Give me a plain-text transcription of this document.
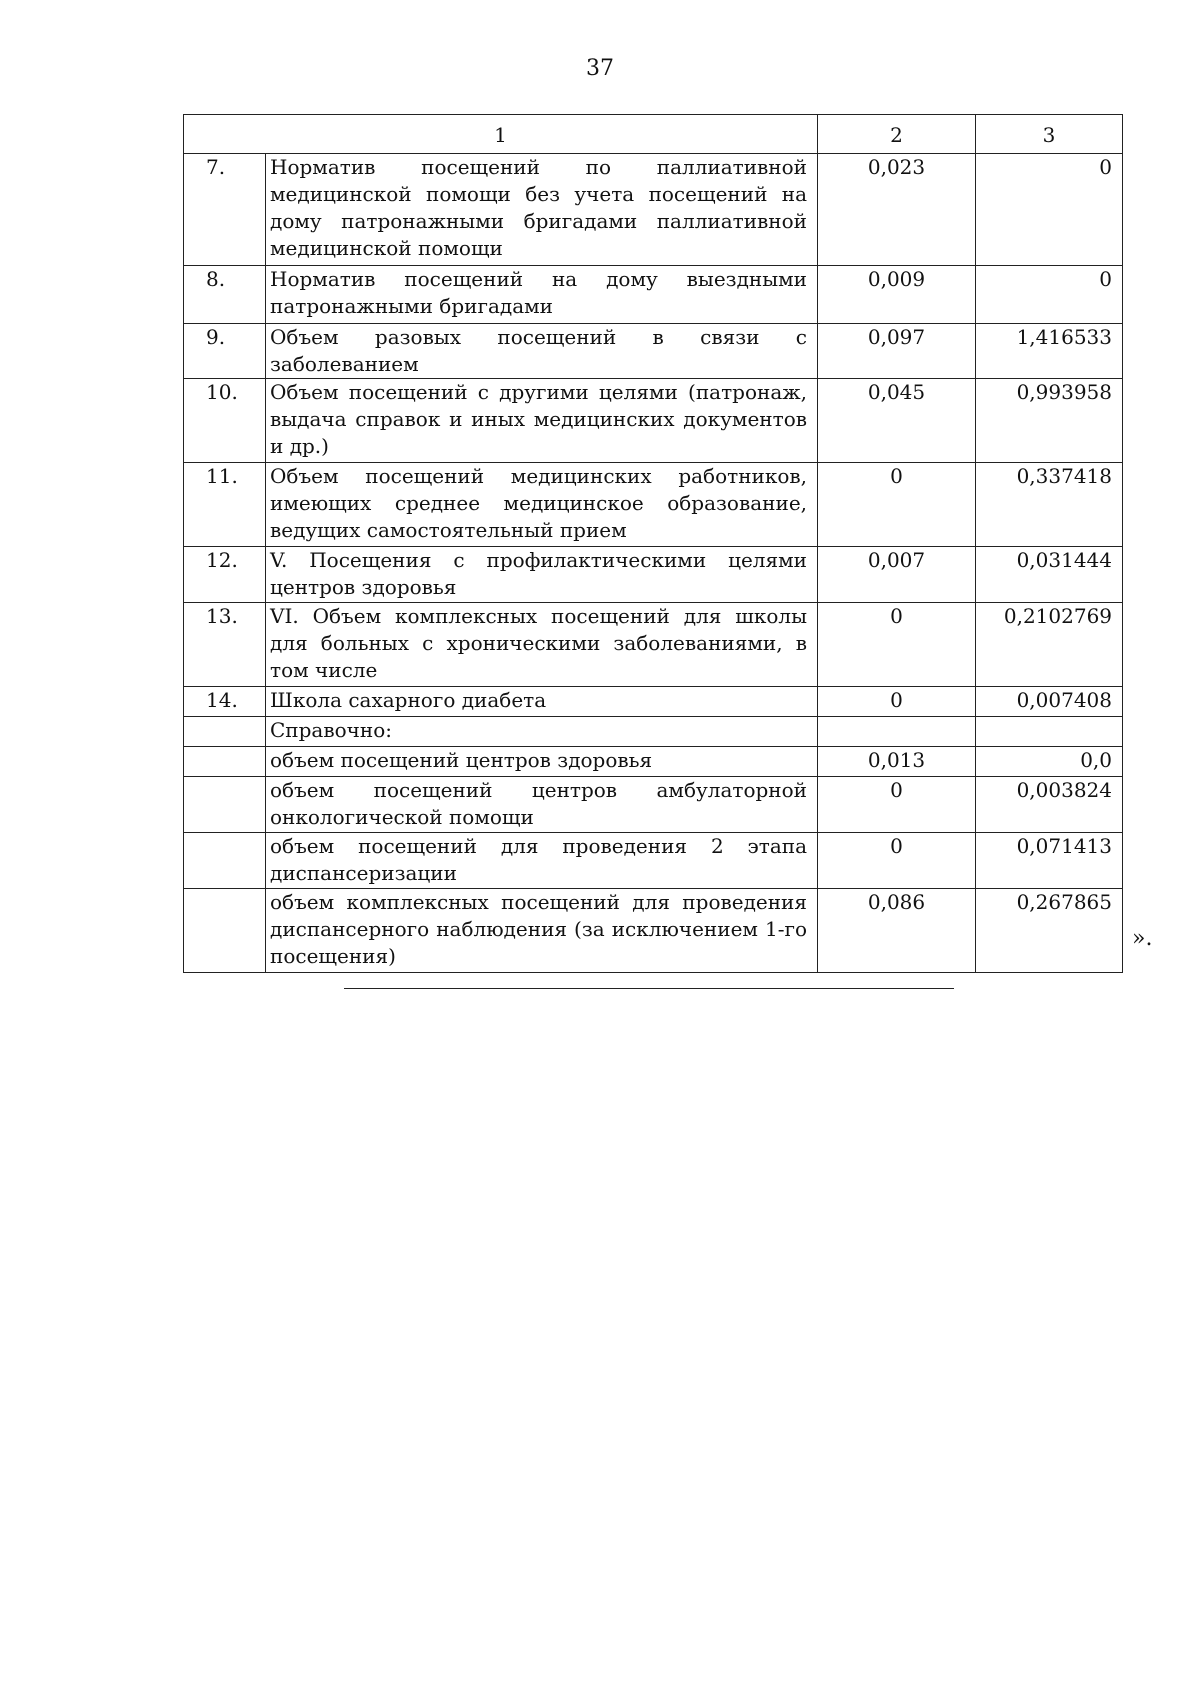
37
1		2	3
7.	Норматив посещений по паллиативной медицинской помощи без учета посещений на дому патронажными бригадами паллиативной медицинской помощи	0,023	0
8.	Норматив посещений на дому выездными патронажными бригадами	0,009	0
9.	Объем разовых посещений в связи с заболеванием	0,097	1,416533
10.	Объем посещений с другими целями (патронаж, выдача справок и иных медицинских документов и др.)	0,045	0,993958
11.	Объем посещений медицинских работников, имеющих среднее медицинское образование, ведущих самостоятельный прием	0	0,337418
12.	V. Посещения с профилактическими целями центров здоровья	0,007	0,031444
13.	VI. Объем комплексных посещений для школы для больных с хроническими заболеваниями, в том числе	0	0,2102769
14.	Школа сахарного диабета	0	0,007408

	Справочно:		

	объем посещений центров здоровья	0,013	0,0

	объем посещений центров амбулаторной онкологической помощи	0	0,003824

	объем посещений для проведения 2 этапа диспансеризации	0	0,071413

	объем комплексных посещений для проведения диспансерного наблюдения (за исключением 1-го посещения)	0,086	0,267865
».
